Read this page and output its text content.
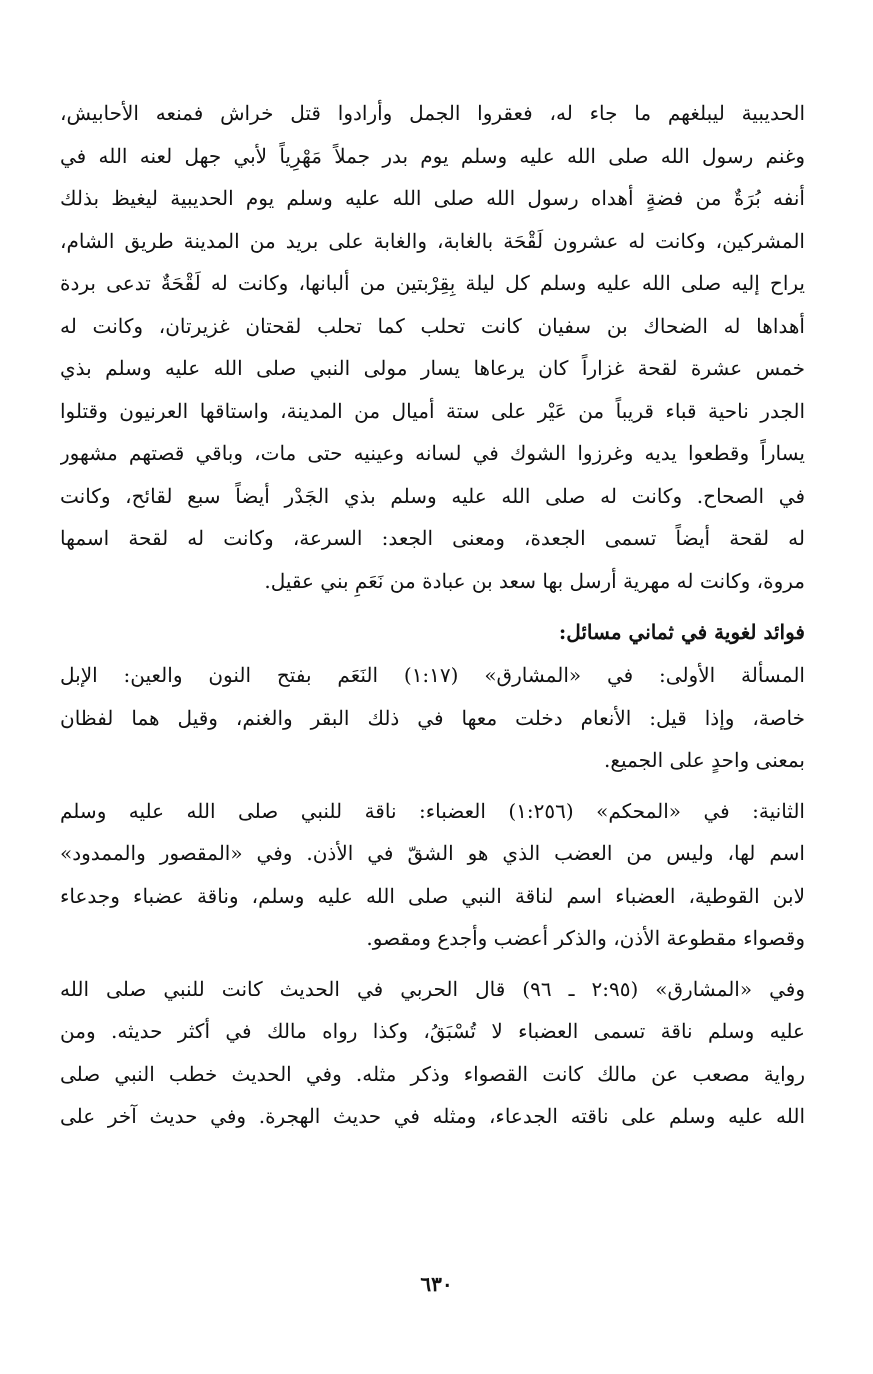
الحديبية ليبلغهم ما جاء له، فعقروا الجمل وأرادوا قتل خراش فمنعه الأحابيش،

وغنم رسول الله صلى الله عليه وسلم يوم بدر جملاً مَهْرِياً لأبي جهل لعنه الله في

أنفه بُرَةٌ من فضةٍ أهداه رسول الله صلى الله عليه وسلم يوم الحديبية ليغيظ بذلك

المشركين، وكانت له عشرون لَقْحَة بالغابة، والغابة على بريد من المدينة طريق الشام،

يراح إليه صلى الله عليه وسلم كل ليلة بِقِرْبتين من ألبانها، وكانت له لَقْحَةٌ تدعى بردة

أهداها له الضحاك بن سفيان كانت تحلب كما تحلب لقحتان غزيرتان، وكانت له

خمس عشرة لقحة غزاراً كان يرعاها يسار مولى النبي صلى الله عليه وسلم بذي

الجدر ناحية قباء قريباً من عَيْر على ستة أميال من المدينة، واستاقها العرنيون وقتلوا

يساراً وقطعوا يديه وغرزوا الشوك في لسانه وعينيه حتى مات، وباقي قصتهم مشهور

في الصحاح. وكانت له صلى الله عليه وسلم بذي الجَدْر أيضاً سبع لقائح، وكانت

له لقحة أيضاً تسمى الجعدة، ومعنى الجعد: السرعة، وكانت له لقحة اسمها

مروة، وكانت له مهرية أرسل بها سعد بن عبادة من نَعَمِ بني عقيل.

فوائد لغوية في ثماني مسائل:

المسألة الأولى: في «المشارق» (١:١٧) النَعَم بفتح النون والعين: الإبل

خاصة، وإذا قيل: الأنعام دخلت معها في ذلك البقر والغنم، وقيل هما لفظان

بمعنى واحدٍ على الجميع.

الثانية: في «المحكم» (١:٢٥٦) العضباء: ناقة للنبي صلى الله عليه وسلم

اسم لها، وليس من العضب الذي هو الشقّ في الأذن. وفي «المقصور والممدود»

لابن القوطية، العضباء اسم لناقة النبي صلى الله عليه وسلم، وناقة عضباء وجدعاء

وقصواء مقطوعة الأذن، والذكر أعضب وأجدع ومقصو.

وفي «المشارق» (٢:٩٥ ـ ٩٦) قال الحربي في الحديث كانت للنبي صلى الله

عليه وسلم ناقة تسمى العضباء لا تُسْبَقُ، وكذا رواه مالك في أكثر حديثه. ومن

رواية مصعب عن مالك كانت القصواء وذكر مثله. وفي الحديث خطب النبي صلى

الله عليه وسلم على ناقته الجدعاء، ومثله في حديث الهجرة. وفي حديث آخر على

٦٣٠
